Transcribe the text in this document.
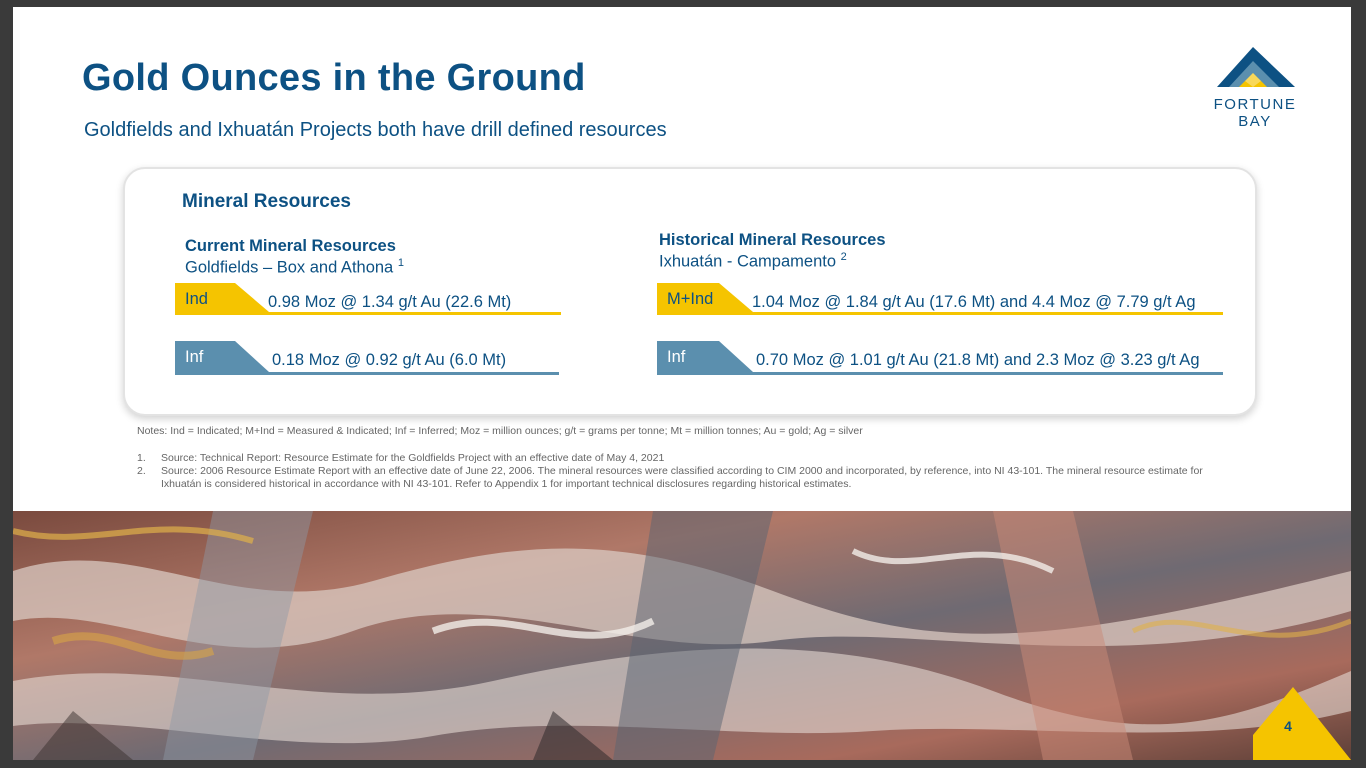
Gold Ounces in the Ground
Goldfields and Ixhuatán Projects both have drill defined resources
FORTUNE
BAY
Mineral Resources
Current Mineral Resources
Goldfields – Box and Athona $^1$
Ind	0.98 Moz @ 1.34 g/t Au (22.6 Mt)
Inf	0.18 Moz @ 0.92 g/t Au (6.0 Mt)
Historical Mineral Resources
Ixhuatán - Campamento $^2$
M+Ind 1.04 Moz @ 1.84 g/t Au (17.6 Mt) and 4.4 Moz @ 7.79 g/t Ag
Inf	0.70 Moz @ 1.01 g/t Au (21.8 Mt) and 2.3 Moz @ 3.23 g/t Ag

Notes: Ind = Indicated; M+Ind = Measured & Indicated; Inf = Inferred; Moz = million ounces; g/t = grams per tonne; Mt = million tonnes; Au = gold; Ag = silver

1.	Source: Technical Report: Resource Estimate for the Goldfields Project with an effective date of May 4, 2021
2.	Source: 2006 Resource Estimate Report with an effective date of June 22, 2006. The mineral resources were classified according to CIM 2000 and incorporated, by reference, into NI 43-101. The mineral resource estimate for Ixhuatán is considered historical in accordance with NI 43-101. Refer to Appendix 1 for important technical disclosures regarding historical estimates.
4
